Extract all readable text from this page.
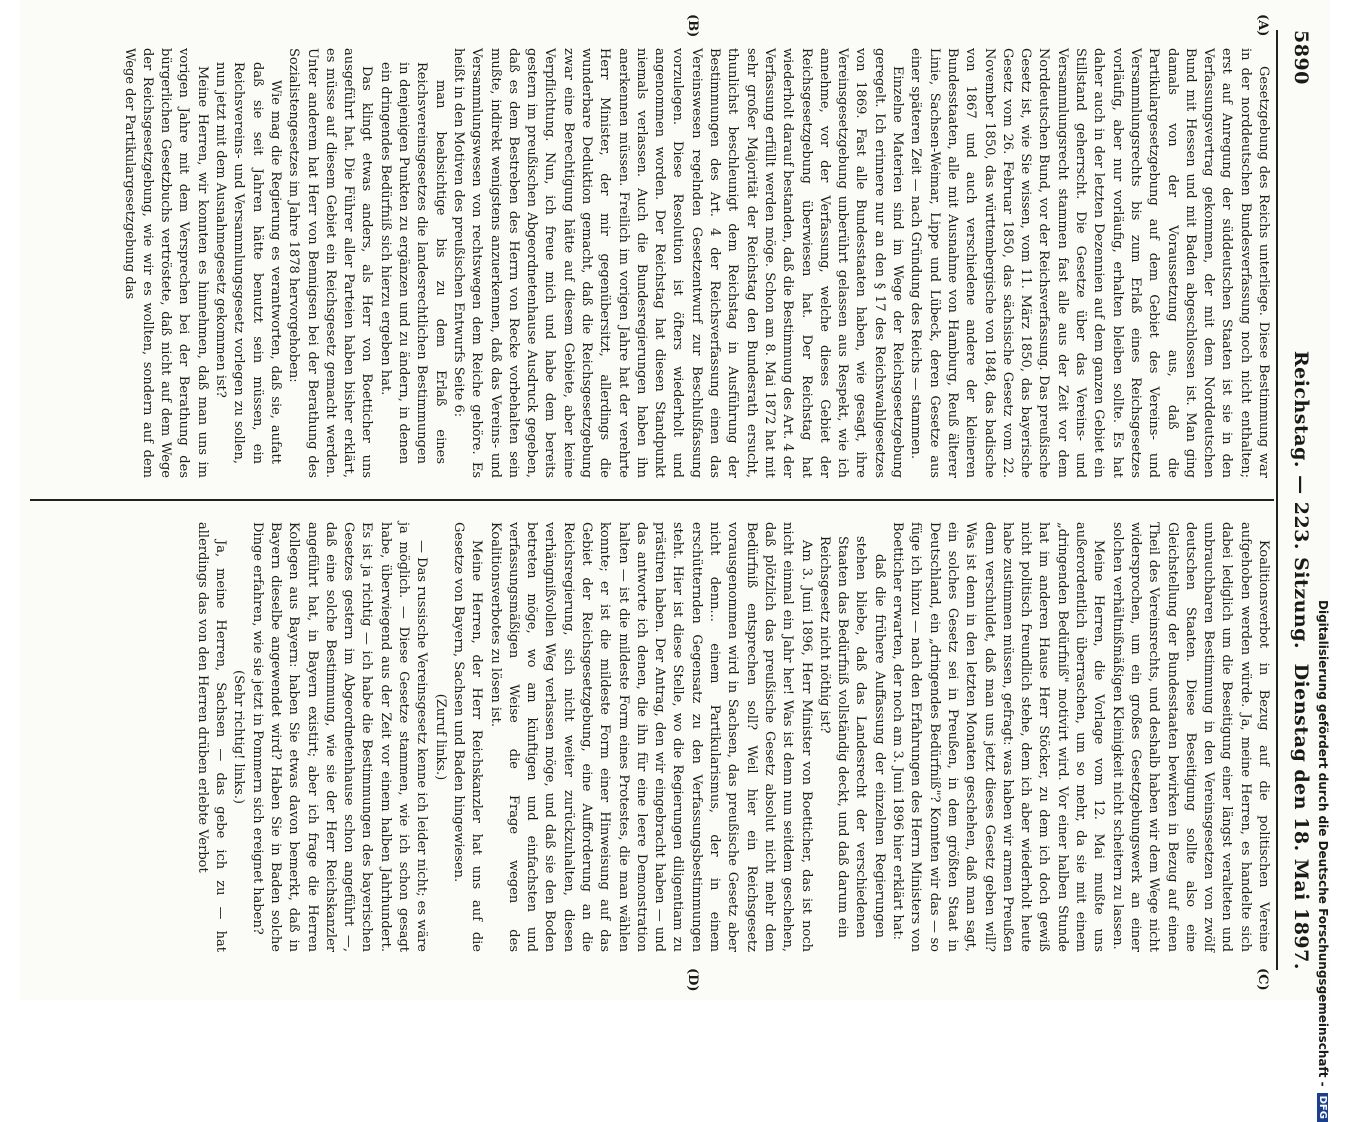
5890
Reichstag. — 223. Sitzung.
Dienstag den 18. Mai 1897.
(A)
(B)
(C)
(D)

Gesetzgebung des Reichs unterliege. Diese Bestimmung war in der norddeutschen Bundesverfassung noch nicht enthalten; erst auf Anregung der süddeutschen Staaten ist sie in den Verfassungsvertrag gekommen, der mit dem Norddeutschen Bund mit Hessen und mit Baden abgeschlossen ist. Man ging damals von der Voraussetzung aus, daß die Partikulargesetzgebung auf dem Gebiet des Vereins- und Versammlungsrechts bis zum Erlaß eines Reichsgesetzes vorläufig, aber nur vorläufig, erhalten bleiben sollte. Es hat daher auch in der letzten Dezennien auf dem ganzen Gebiet ein Stillstand geherrscht. Die Gesetze über das Vereins- und Versammlungsrecht stammen fast alle aus der Zeit vor dem Norddeutschen Bund, vor der Reichsverfassung. Das preußische Gesetz ist, wie Sie wissen, vom 11. März 1850, das bayerische Gesetz vom 26. Februar 1850, das sächsische Gesetz vom 22. November 1850, das württembergische von 1848, das badische von 1867 und auch verschiedene andere der kleineren Bundesstaaten, alle mit Ausnahme von Hamburg, Reuß älterer Linie, Sachsen-Weimar, Lippe und Lübeck, deren Gesetze aus einer späteren Zeit — nach Gründung des Reichs — stammen.

Einzelne Materien sind im Wege der Reichsgesetzgebung geregelt. Ich erinnere nur an den § 17 des Reichswahlgesetzes von 1869. Fast alle Bundesstaaten haben, wie gesagt, ihre Vereinsgesetzgebung unberührt gelassen aus Respekt, wie ich annehme, vor der Verfassung, welche dieses Gebiet der Reichsgesetzgebung überwiesen hat. Der Reichstag hat wiederholt darauf bestanden, daß die Bestimmung des Art. 4 der Verfassung erfüllt werden möge. Schon am 8. Mai 1872 hat mit sehr großer Majorität der Reichstag den Bundesrath ersucht, thunlichst beschleunigt dem Reichstag in Ausführung der Bestimmungen des Art. 4 der Reichsverfassung einen das Vereinswesen regelnden Gesetzentwurf zur Beschlußfassung vorzulegen. Diese Resolution ist öfters wiederholt und angenommen worden. Der Reichstag hat diesen Standpunkt niemals verlassen. Auch die Bundesregierungen haben ihn anerkennen müssen. Freilich im vorigen Jahre hat der verehrte Herr Minister, der mir gegenübersitzt, allerdings die wunderbare Deduktion gemacht, daß die Reichsgesetzgebung zwar eine Berechtigung hätte auf diesem Gebiete, aber keine Verpflichtung. Nun, ich freue mich und habe dem bereits gestern im preußischen Abgeordnetenhause Ausdruck gegeben, daß es dem Bestreben des Herrn von Recke vorbehalten sein mußte, indirekt wenigstens anzuerkennen, daß das Vereins- und Versammlungswesen von rechtswegen dem Reiche gehöre. Es heißt in den Motiven des preußischen Entwurfs Seite 6:

man beabsichtige bis zu dem Erlaß eines Reichsvereinsgesetzes die landesrechtlichen Bestimmungen in denjenigen Punkten zu ergänzen und zu ändern, in denen ein dringendes Bedürfniß sich hierzu ergeben hat.

Das klingt etwas anders, als Herr von Boetticher uns ausgeführt hat. Die Führer aller Parteien haben bisher erklärt, es müsse auf diesem Gebiet ein Reichsgesetz gemacht werden. Unter anderem hat Herr von Bennigsen bei der Berathung des Sozialistengesetzes im Jahre 1878 hervorgehoben:

Wie mag die Regierung es verantworten, daß sie, aufatt daß sie seit Jahren hätte benutzt sein müssen, ein Reichsvereins- und Versammlungsgesetz vorlegen zu sollen, nun jetzt mit dem Ausnahmegesetz gekommen ist?

Meine Herren, wir konnten es hinnehmen, daß man uns im vorigen Jahre mit dem Versprechen bei der Berathung des bürgerlichen Gesetzbuchs vertröstete, daß nicht auf dem Wege der Reichsgesetzgebung, wie wir es wollten, sondern auf dem Wege der Partikulargesetzgebung das

Koalitionsverbot in Bezug auf die politischen Vereine aufgehoben werden würde. Ja, meine Herren, es handelte sich dabei lediglich um die Beseitigung einer längst veralteten und unbrauchbaren Bestimmung in den Vereinsgesetzen von zwölf deutschen Staaten. Diese Beseitigung sollte also eine Gleichstellung der Bundesstaaten bewirken in Bezug auf einen Theil des Vereinsrechts, und deshalb haben wir dem Wege nicht widersprochen, um ein großes Gesetzgebungswerk an einer solchen verhältnißmäßigen Kleinigkeit nicht scheitern zu lassen.

Meine Herren, die Vorlage vom 12. Mai mußte uns außerordentlich überraschen, um so mehr, da sie mit einem „dringenden Bedürfniß" motivirt wird. Vor einer halben Stunde hat im anderen Hause Herr Stöcker, zu dem ich doch gewiß nicht politisch freundlich stehe, dem ich aber wiederholt heute habe zustimmen müssen, gefragt: was haben wir armen Preußen denn verschuldet, daß man uns jetzt dieses Gesetz geben will? Was ist denn in den letzten Monaten geschehen, daß man sagt, ein solches Gesetz sei in Preußen, in dem größten Staat in Deutschland, ein „dringendes Bedürfniß"? Konnten wir das — so füge ich hinzu — nach den Erfahrungen des Herrn Ministers von Boetticher erwarten, der noch am 3. Juni 1896 hier erklärt hat:

daß die frühere Auffassung der einzelnen Regierungen stehen bliebe, daß das Landesrecht der verschiedenen Staaten das Bedürfniß vollständig deckt, und daß darum ein Reichsgesetz nicht nöthig ist?

Am 3. Juni 1896, Herr Minister von Boetticher, das ist noch nicht einmal ein Jahr her! Was ist denn nun seitdem geschehen, daß plötzlich das preußische Gesetz absolut nicht mehr dem Bedürfniß entsprechen soll? Weil hier ein Reichsgesetz vorausgenommen wird in Sachsen, das preußische Gesetz aber nicht denn... einem Partikularismus, der in einem erschütternden Gegensatz zu den Verfassungsbestimmungen steht. Hier ist diese Stelle, wo die Regierungen diligentiam zu prästiren haben. Der Antrag, den wir eingebracht haben — und das antworte ich denen, die ihn für eine leere Demonstration halten — ist die mildeste Form eines Protestes, die man wählen konnte; er ist die mildeste Form einer Hinweisung auf das Gebiet der Reichsgesetzgebung, eine Aufforderung an die Reichsregierung, sich nicht weiter zurückzuhalten, diesen verhängnißvollen Weg verlassen möge, und daß sie den Boden betreten möge, wo am künftigen und einfachsten und verfassungsmäßigen Weise die Frage wegen des Koalitionsverbotes zu lösen ist.

Meine Herren, der Herr Reichskanzler hat uns auf die Gesetze von Bayern, Sachsen und Baden hingewiesen.

(Zuruf links.)

— Das russische Vereinsgesetz kenne ich leider nicht; es wäre ja möglich. — Diese Gesetze stammen, wie ich schon gesagt habe, überwiegend aus der Zeit vor einem halben Jahrhundert. Es ist ja richtig — ich habe die Bestimmungen des bayerischen Gesetzes gestern im Abgeordnetenhause schon angeführt —, daß eine solche Bestimmung, wie sie der Herr Reichskanzler angeführt hat, in Bayern existirt; aber ich frage die Herren Kollegen aus Bayern: haben Sie etwas davon bemerkt, daß in Bayern dieselbe angewendet wird? Haben Sie in Baden solche Dinge erfahren, wie sie jetzt in Pommern sich ereignet haben?

(Sehr richtig! links.)

Ja, meine Herren, Sachsen — das gebe ich zu — hat allerdings das von den Herren drüben erlebte Verbot	Digitalisierung gefördert durch die Deutsche Forschungsgemeinschaft -DFG
